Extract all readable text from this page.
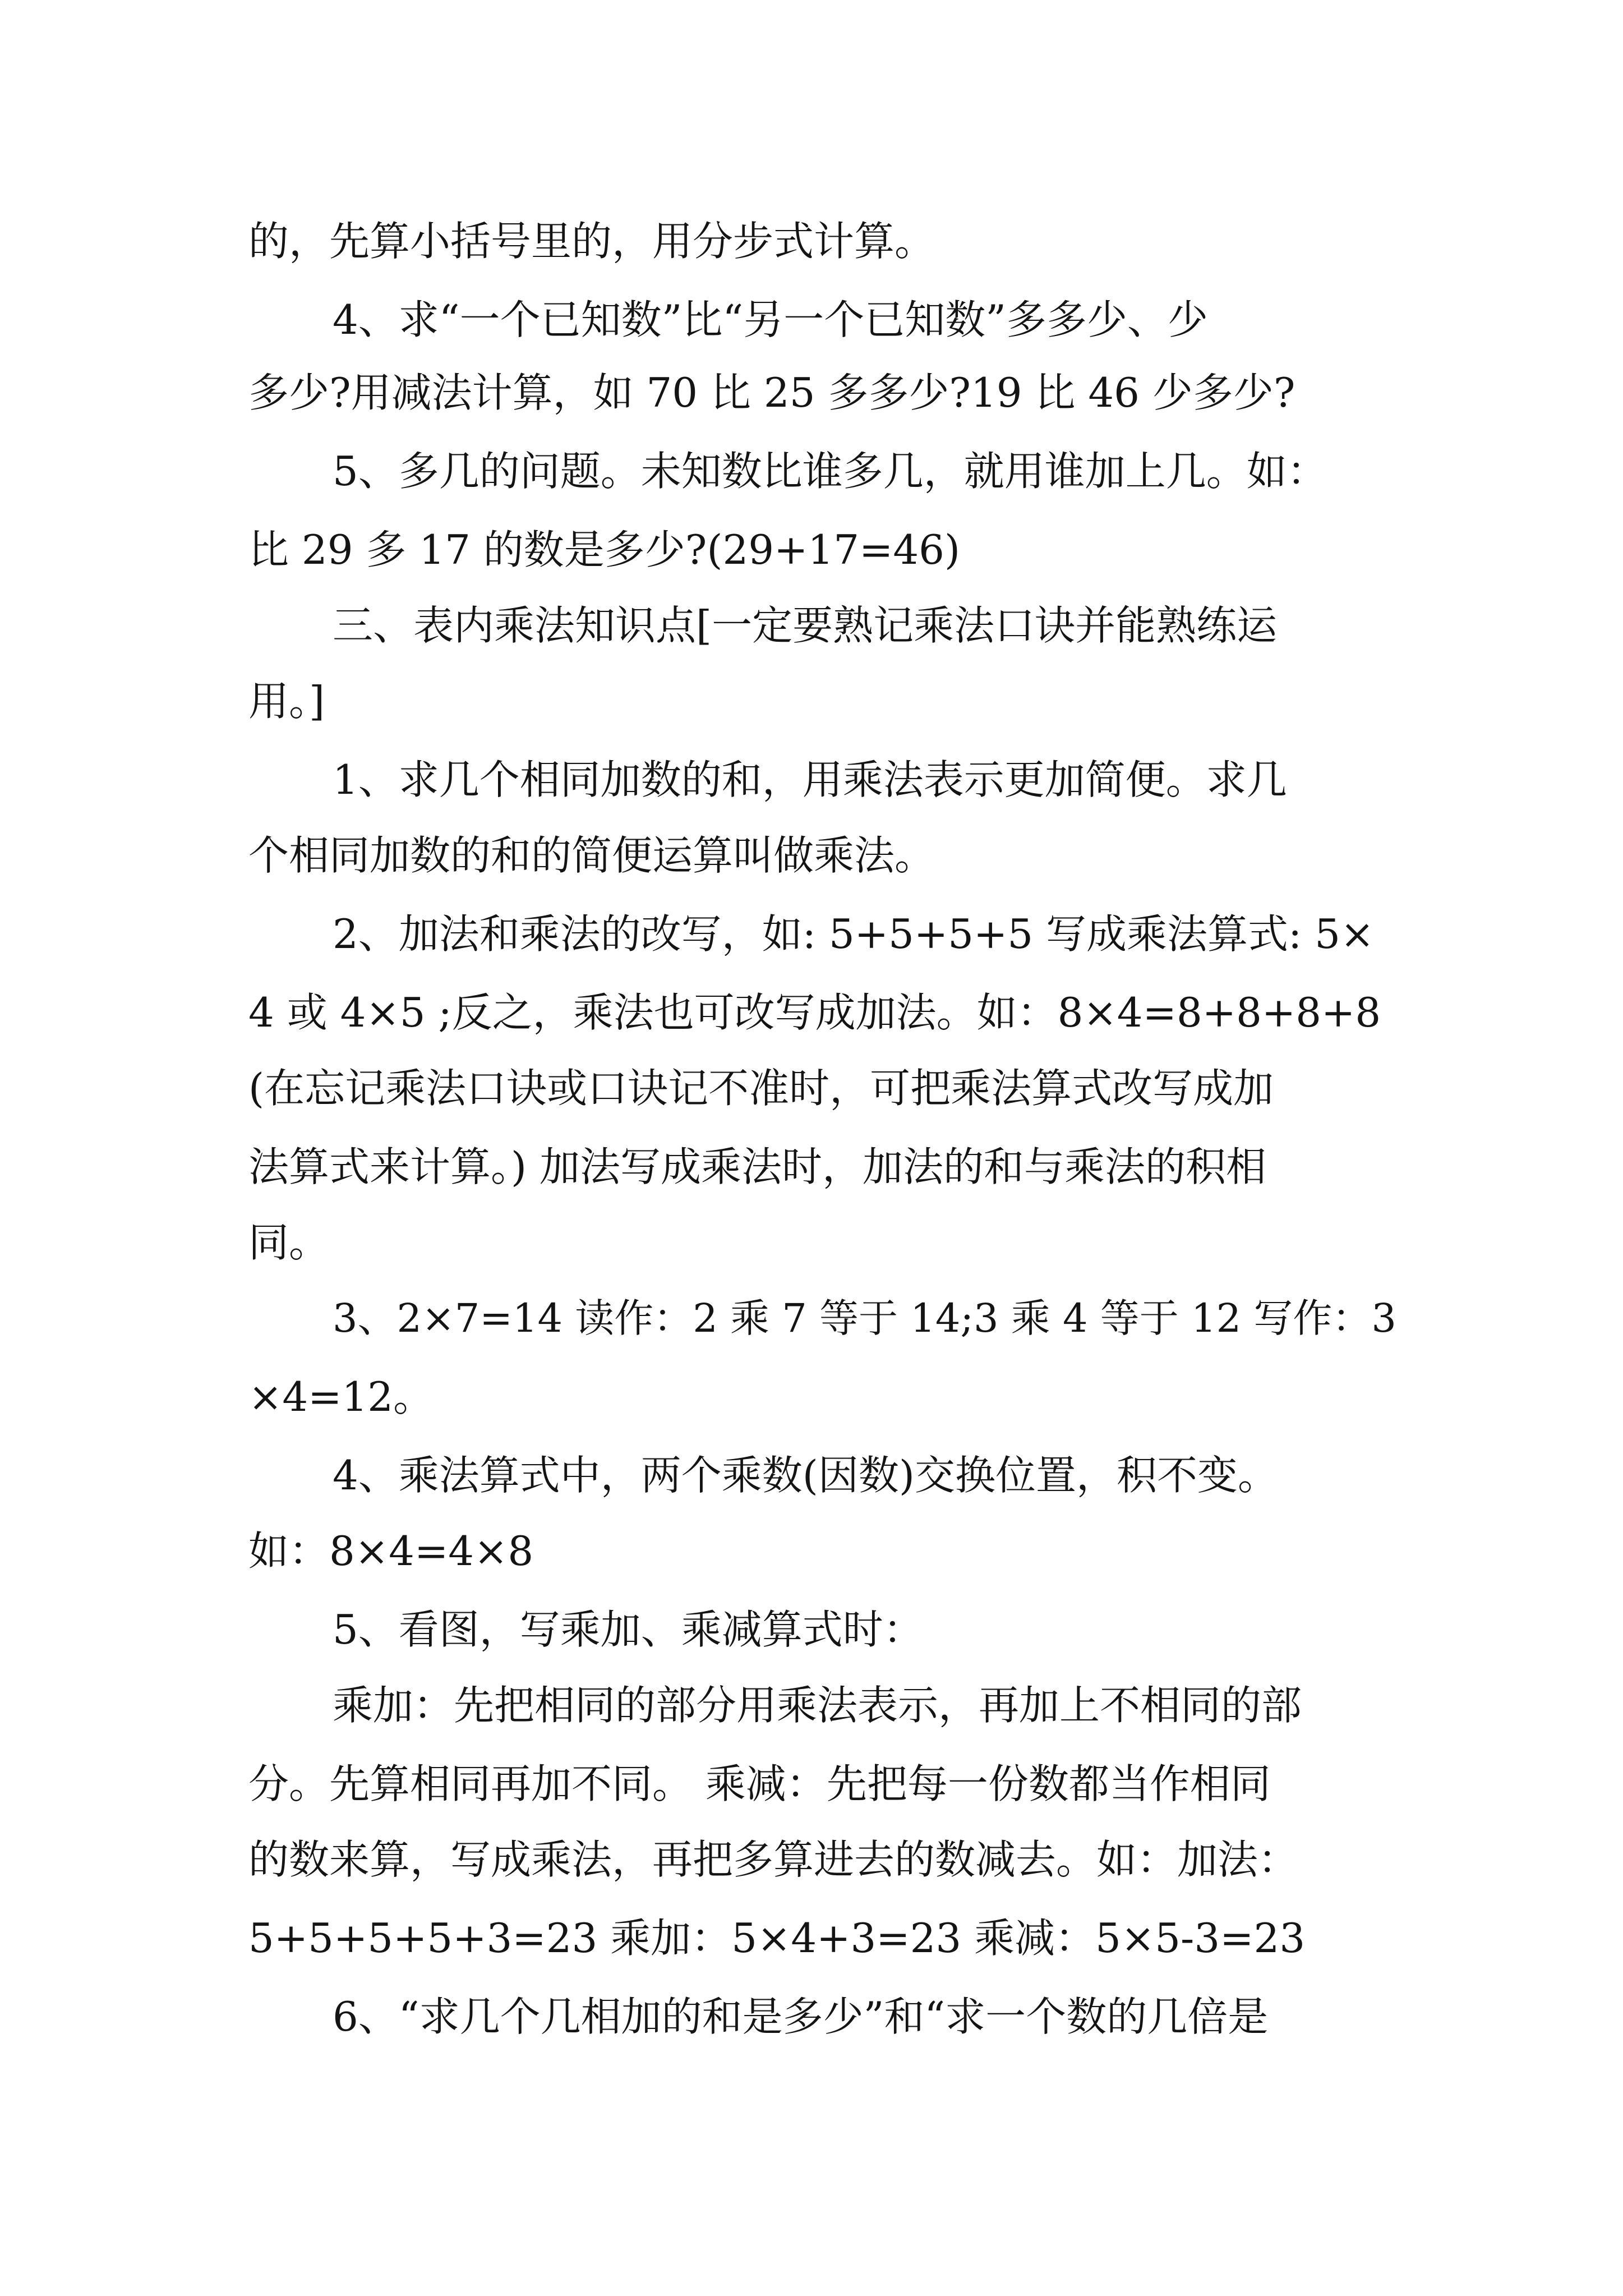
的，先算小括号里的，用分步式计算。

4、求“一个已知数”比“另一个已知数”多多少、少

多少?用减法计算，如 70 比 25 多多少?19 比 46 少多少?

5、多几的问题。未知数比谁多几，就用谁加上几。如：

比 29 多 17 的数是多少?(29+17=46)

三、表内乘法知识点[一定要熟记乘法口诀并能熟练运

用。]

1、求几个相同加数的和，用乘法表示更加简便。求几

个相同加数的和的简便运算叫做乘法。

2、加法和乘法的改写，如: 5+5+5+5 写成乘法算式: 5×

4 或 4×5 ;反之，乘法也可改写成加法。如：8×4=8+8+8+8

(在忘记乘法口诀或口诀记不准时，可把乘法算式改写成加

法算式来计算。) 加法写成乘法时，加法的和与乘法的积相

同。

3、2×7=14 读作：2 乘 7 等于 14;3 乘 4 等于 12 写作：3

×4=12。

4、乘法算式中，两个乘数(因数)交换位置，积不变。

如：8×4=4×8

5、看图，写乘加、乘减算式时：

乘加：先把相同的部分用乘法表示，再加上不相同的部

分。先算相同再加不同。 乘减：先把每一份数都当作相同

的数来算，写成乘法，再把多算进去的数减去。如：加法：

5+5+5+5+3=23 乘加：5×4+3=23 乘减：5×5-3=23

6、“求几个几相加的和是多少”和“求一个数的几倍是
